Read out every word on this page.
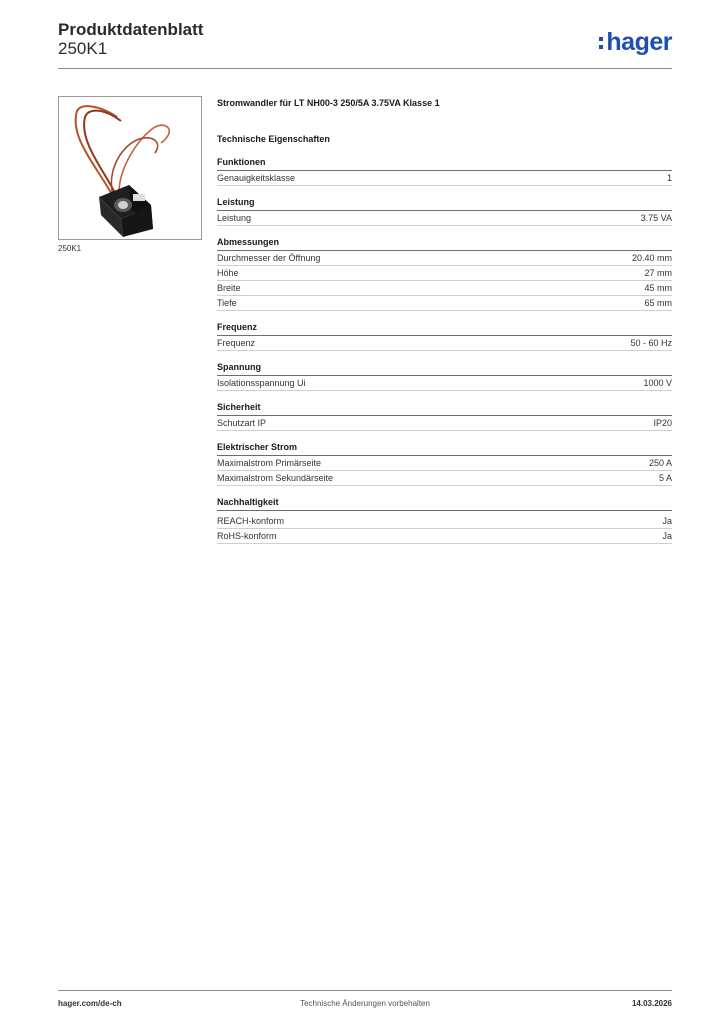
Produktdatenblatt
250K1	hager
250K1
Stromwandler für LT NH00-3 250/5A 3.75VA Klasse 1
Technische Eigenschaften
Funktionen
Genauigkeitsklasse	1
Leistung
Leistung	3.75 VA
Abmessungen
Durchmesser der Öffnung	20.40 mm
Höhe	27 mm
Breite	45 mm
Tiefe	65 mm
Frequenz
Frequenz	50 - 60 Hz
Spannung
Isolationsspannung Ui	1000 V
Sicherheit
Schutzart IP	IP20
Elektrischer Strom
Maximalstrom Primärseite	250 A
Maximalstrom Sekundärseite	5 A
Nachhaltigkeit
REACH-konform	Ja
RoHS-konform	Ja
hager.com/de-ch	Technische Änderungen vorbehalten	14.03.2026
